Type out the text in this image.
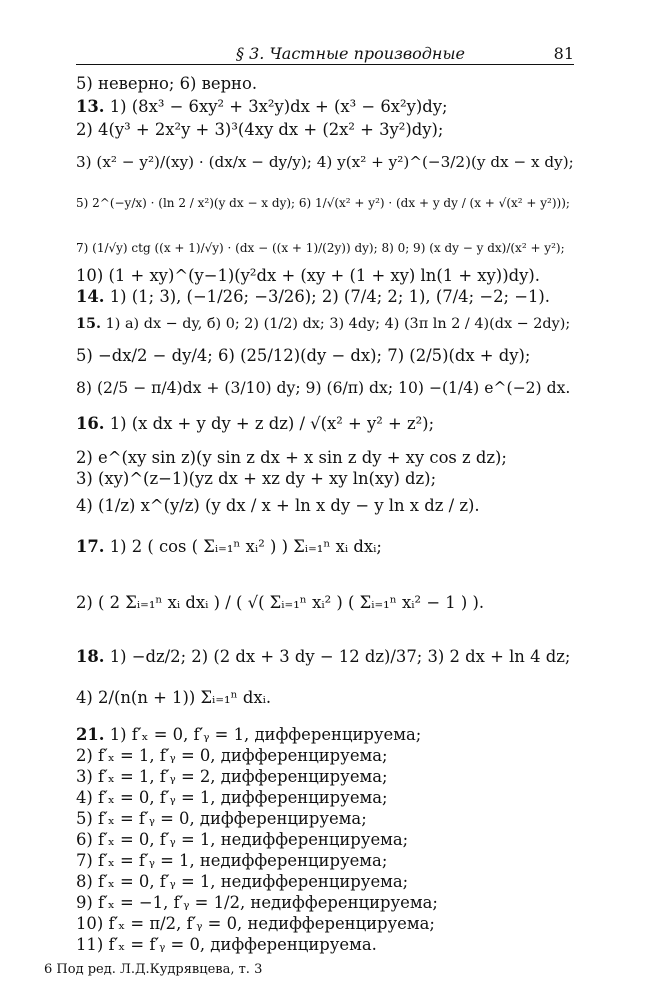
§ 3. Частные производные	81
5) неверно; 6) верно.
13. 1) (8x³ − 6xy² + 3x²y)dx + (x³ − 6x²y)dy;
2) 4(y³ + 2x²y + 3)³(4xy dx + (2x² + 3y²)dy);
3) (x² − y²)/(xy) · (dx/x − dy/y); 4) y(x² + y²)^(−3/2)(y dx − x dy);
5) 2^(−y/x) · (ln 2 / x²)(y dx − x dy); 6) 1/√(x² + y²) · (dx + y dy / (x + √(x² + y²)));
7) (1/√y) ctg ((x + 1)/√y) · (dx − ((x + 1)/(2y)) dy); 8) 0; 9) (x dy − y dx)/(x² + y²);
10) (1 + xy)^(y−1)(y²dx + (xy + (1 + xy) ln(1 + xy))dy).
14. 1) (1; 3), (−1/26; −3/26); 2) (7/4; 2; 1), (7/4; −2; −1).
15. 1) а) dx − dy, б) 0; 2) (1/2) dx; 3) 4dy; 4) (3π ln 2 / 4)(dx − 2dy);
5) −dx/2 − dy/4; 6) (25/12)(dy − dx); 7) (2/5)(dx + dy);
8) (2/5 − π/4)dx + (3/10) dy; 9) (6/π) dx; 10) −(1/4) e^(−2) dx.
16. 1) (x dx + y dy + z dz) / √(x² + y² + z²);
2) e^(xy sin z)(y sin z dx + x sin z dy + xy cos z dz);
3) (xy)^(z−1)(yz dx + xz dy + xy ln(xy) dz);
4) (1/z) x^(y/z) (y dx / x + ln x dy − y ln x dz / z).
17. 1) 2 ( cos ( Σᵢ₌₁ⁿ xᵢ² ) ) Σᵢ₌₁ⁿ xᵢ dxᵢ;
2) ( 2 Σᵢ₌₁ⁿ xᵢ dxᵢ ) / ( √( Σᵢ₌₁ⁿ xᵢ² ) ( Σᵢ₌₁ⁿ xᵢ² − 1 ) ).
18. 1) −dz/2; 2) (2 dx + 3 dy − 12 dz)/37; 3) 2 dx + ln 4 dz;
4) 2/(n(n + 1)) Σᵢ₌₁ⁿ dxᵢ.
21. 1) f′ₓ = 0, f′ᵧ = 1, дифференцируема;
2) f′ₓ = 1, f′ᵧ = 0, дифференцируема;
3) f′ₓ = 1, f′ᵧ = 2, дифференцируема;
4) f′ₓ = 0, f′ᵧ = 1, дифференцируема;
5) f′ₓ = f′ᵧ = 0, дифференцируема;
6) f′ₓ = 0, f′ᵧ = 1, недифференцируема;
7) f′ₓ = f′ᵧ = 1, недифференцируема;
8) f′ₓ = 0, f′ᵧ = 1, недифференцируема;
9) f′ₓ = −1, f′ᵧ = 1/2, недифференцируема;
10) f′ₓ = π/2, f′ᵧ = 0, недифференцируема;
11) f′ₓ = f′ᵧ = 0, дифференцируема.
6 Под ред. Л.Д.Кудрявцева, т. 3
